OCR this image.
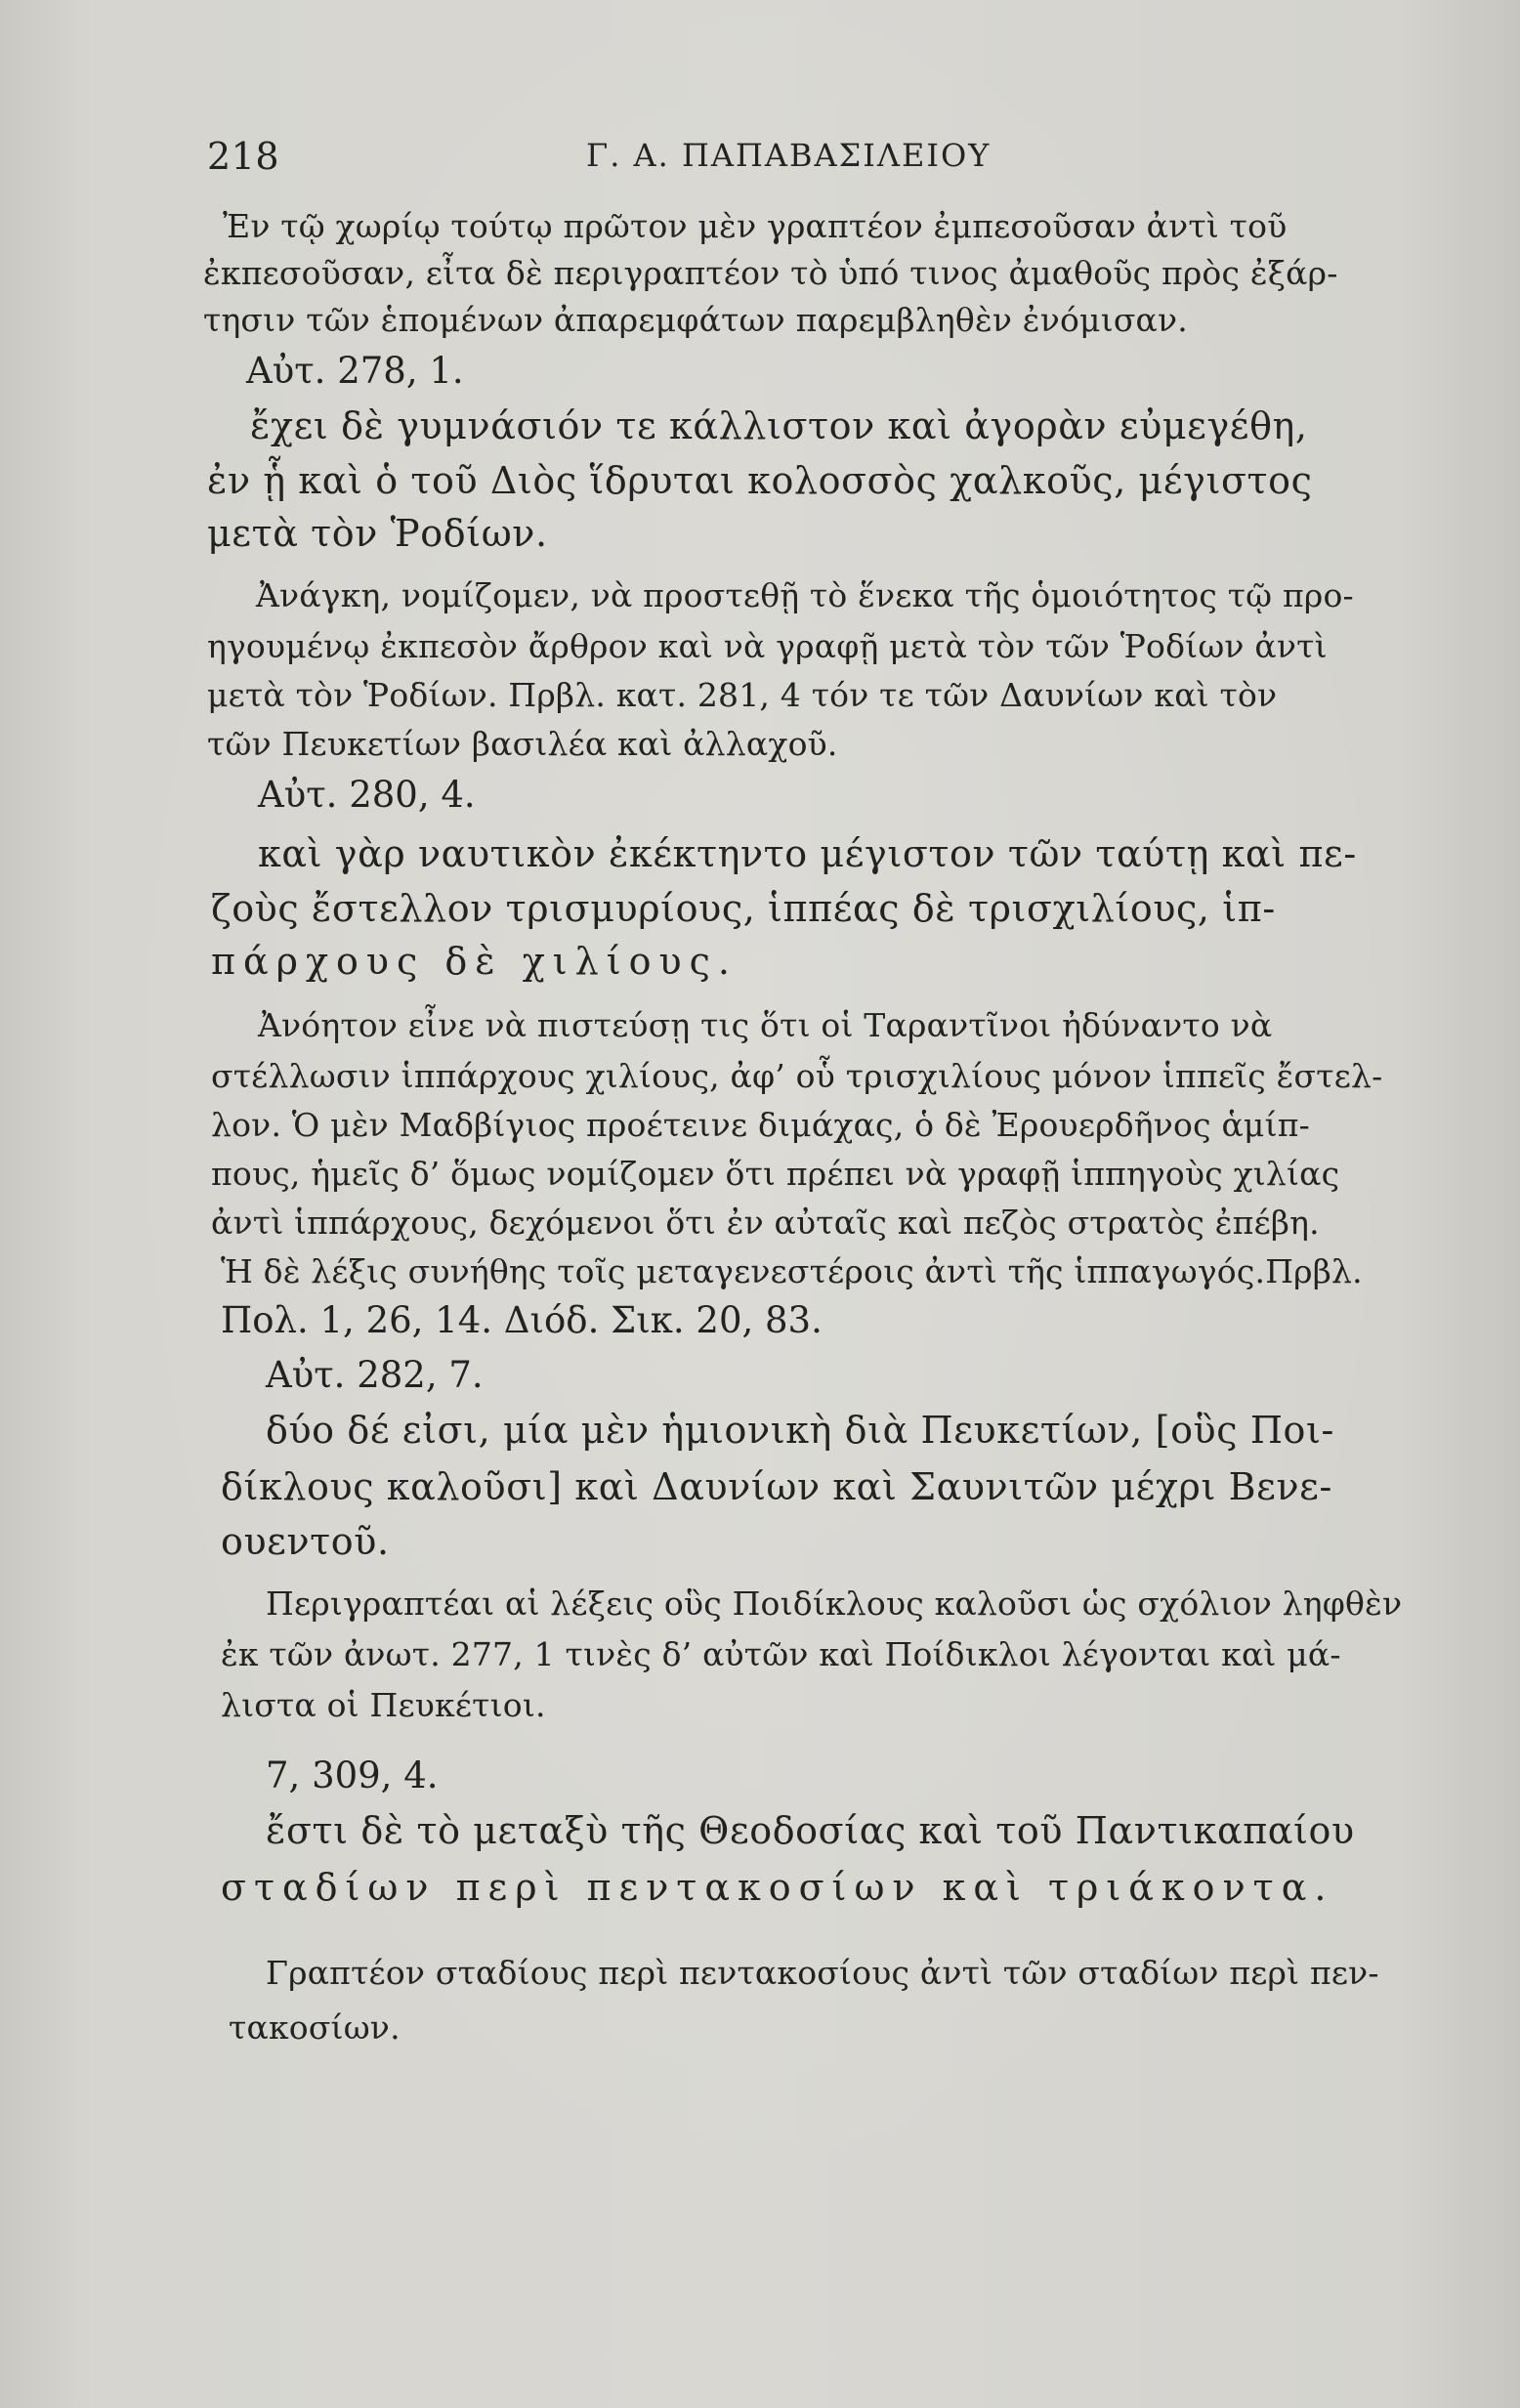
218	Γ. Α. ΠΑΠΑΒΑΣΙΛΕΙΟΥ
Ἐν τῷ χωρίῳ τούτῳ πρῶτον μὲν γραπτέον ἐμπεσοῦσαν ἀντὶ τοῦ
ἐκπεσοῦσαν, εἶτα δὲ περιγραπτέον τὸ ὑπό τινος ἀμαθοῦς πρὸς ἐξάρ-
τησιν τῶν ἑπομένων ἀπαρεμφάτων παρεμβληθὲν ἐνόμισαν.
Αὐτ. 278, 1.
ἔχει δὲ γυμνάσιόν τε κάλλιστον καὶ ἀγορὰν εὐμεγέθη,
ἐν ᾗ καὶ ὁ τοῦ Διὸς ἵδρυται κολοσσὸς χαλκοῦς, μέγιστος
μετὰ τὸν Ῥοδίων.
Ἀνάγκη, νομίζομεν, νὰ προστεθῇ τὸ ἕνεκα τῆς ὁμοιότητος τῷ προ-
ηγουμένῳ ἐκπεσὸν ἄρθρον καὶ νὰ γραφῇ μετὰ τὸν τῶν Ῥοδίων ἀντὶ
μετὰ τὸν Ῥοδίων. Πρβλ. κατ. 281, 4 τόν τε τῶν Δαυνίων καὶ τὸν
τῶν Πευκετίων βασιλέα καὶ ἀλλαχοῦ.
Αὐτ. 280, 4.
καὶ γὰρ ναυτικὸν ἐκέκτηντο μέγιστον τῶν ταύτῃ καὶ πε-
ζοὺς ἔστελλον τρισμυρίους, ἱππέας δὲ τρισχιλίους, ἱπ-
πάρχους δὲ χιλίους.
Ἀνόητον εἶνε νὰ πιστεύσῃ τις ὅτι οἱ Ταραντῖνοι ἠδύναντο νὰ
στέλλωσιν ἱππάρχους χιλίους, ἀφ’ οὗ τρισχιλίους μόνον ἱππεῖς ἔστελ-
λον. Ὁ μὲν Μαδβίγιος προέτεινε διμάχας, ὁ δὲ Ἐρουερδῆνος ἁμίπ-
πους, ἡμεῖς δ’ ὅμως νομίζομεν ὅτι πρέπει νὰ γραφῇ ἱππηγοὺς χιλίας
ἀντὶ ἱππάρχους, δεχόμενοι ὅτι ἐν αὐταῖς καὶ πεζὸς στρατὸς ἐπέβη.
Ἡ δὲ λέξις συνήθης τοῖς μεταγενεστέροις ἀντὶ τῆς ἱππαγωγός.Πρβλ.
Πολ. 1, 26, 14. Διόδ. Σικ. 20, 83.
Αὐτ. 282, 7.
δύο δέ εἰσι, μία μὲν ἡμιονικὴ διὰ Πευκετίων, [οὓς Ποι-
δίκλους καλοῦσι] καὶ Δαυνίων καὶ Σαυνιτῶν μέχρι Βενε-
ουεντοῦ.
Περιγραπτέαι αἱ λέξεις οὓς Ποιδίκλους καλοῦσι ὡς σχόλιον ληφθὲν
ἐκ τῶν ἀνωτ. 277, 1 τινὲς δ’ αὐτῶν καὶ Ποίδικλοι λέγονται καὶ μά-
λιστα οἱ Πευκέτιοι.
7, 309, 4.
ἔστι δὲ τὸ μεταξὺ τῆς Θεοδοσίας καὶ τοῦ Παντικαπαίου
σταδίων περὶ πεντακοσίων καὶ τριάκοντα.
Γραπτέον σταδίους περὶ πεντακοσίους ἀντὶ τῶν σταδίων περὶ πεν-
τακοσίων.
